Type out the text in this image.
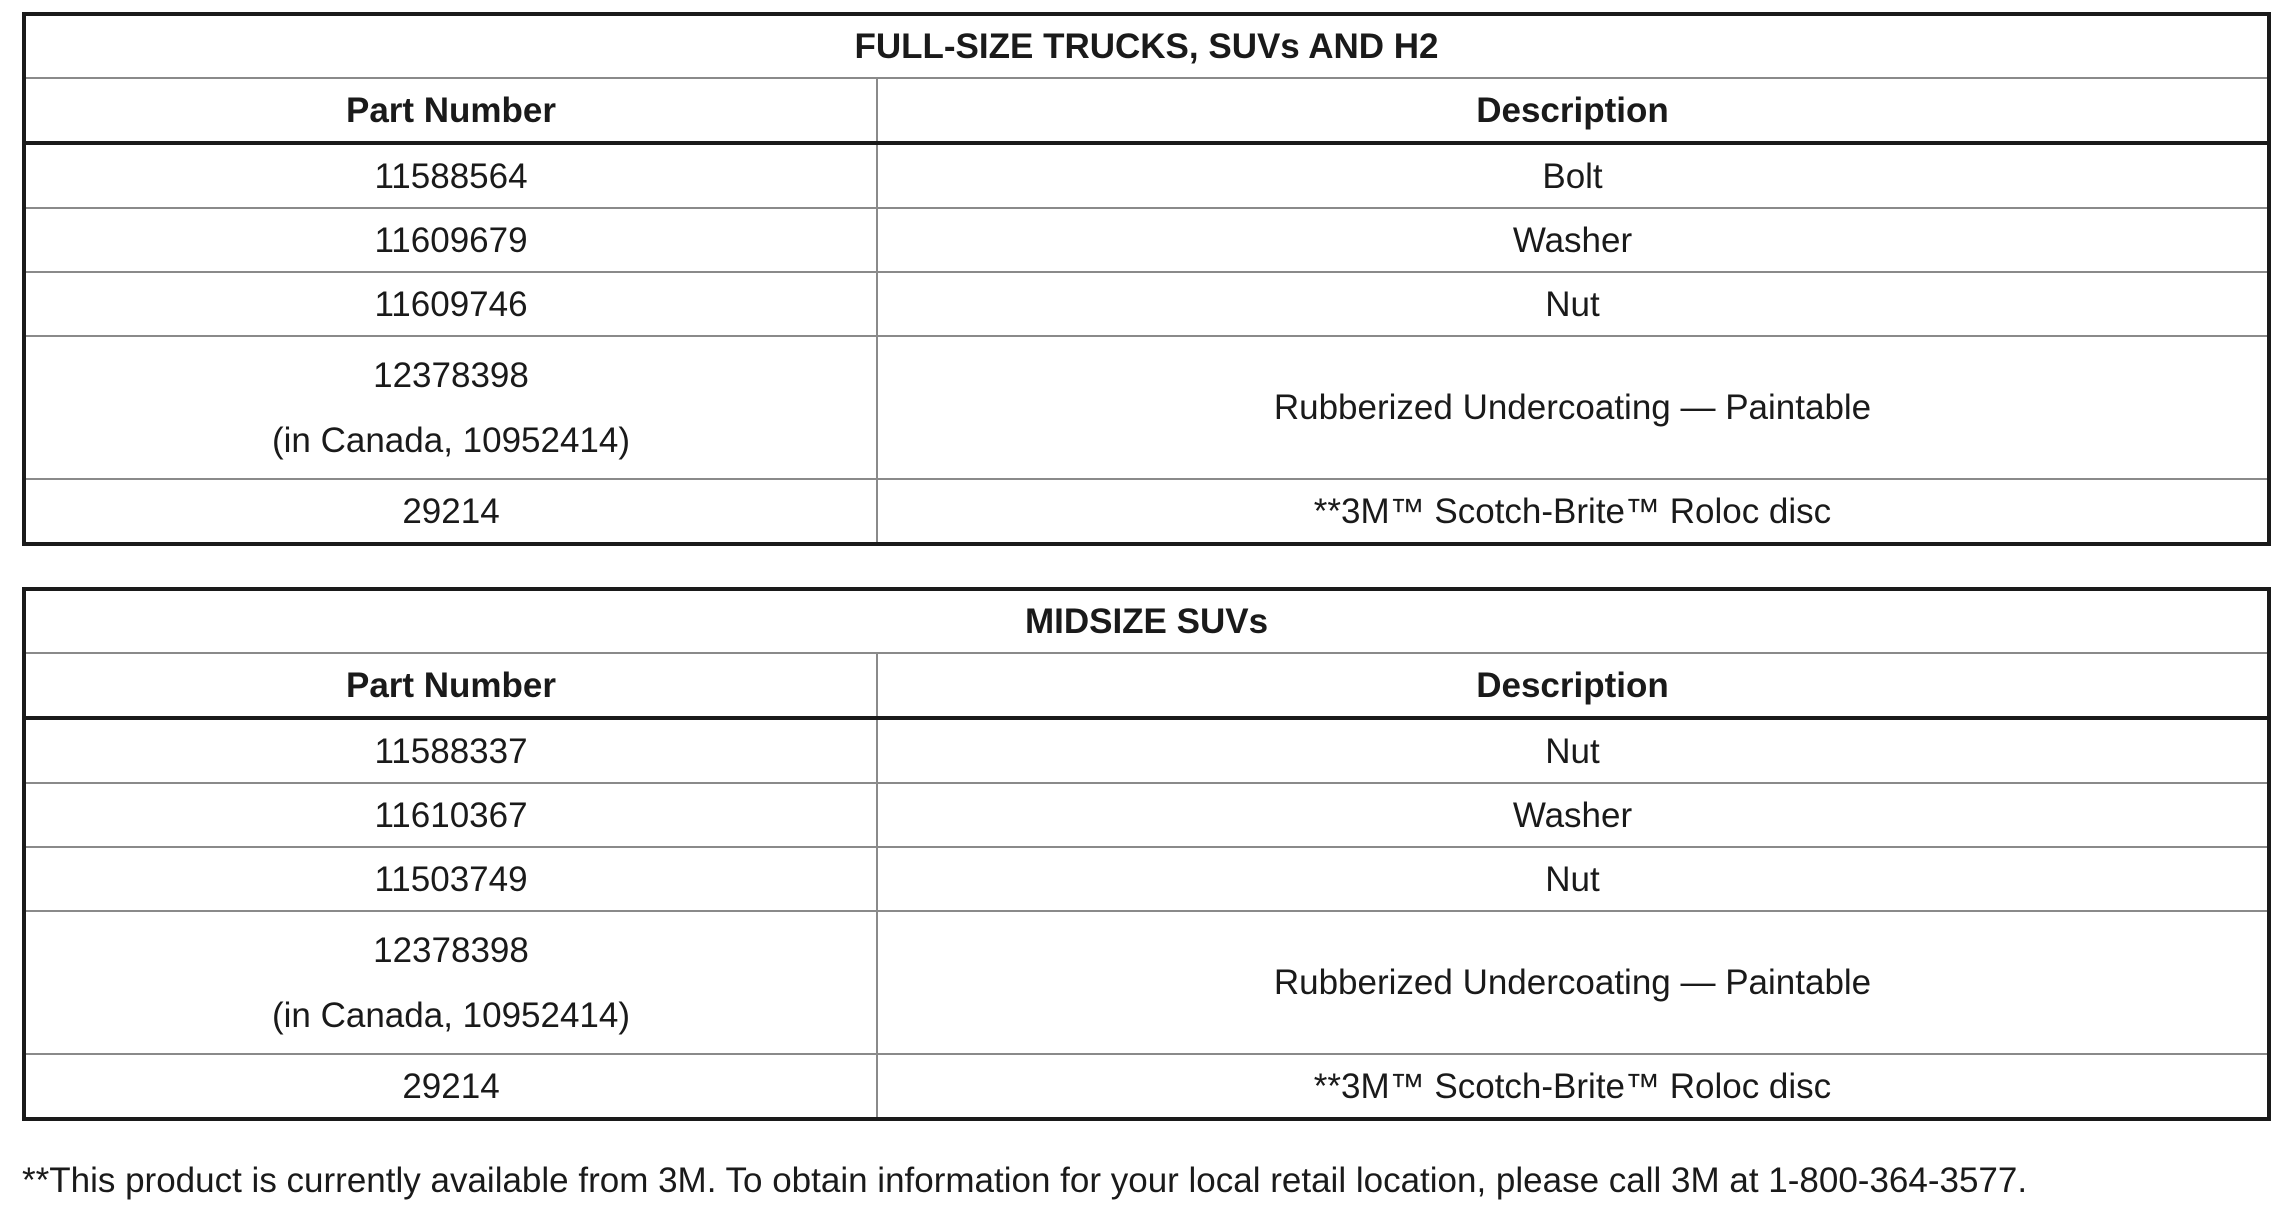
FULL-SIZE TRUCKS, SUVs AND H2	
Part Number	Description
11588564	Bolt
11609679	Washer
11609746	Nut

12378398
(in Canada, 10952414)	Rubberized Undercoating — Paintable
29214	**3M™ Scotch-Brite™ Roloc disc
MIDSIZE SUVs	
Part Number	Description
11588337	Nut
11610367	Washer
11503749	Nut

12378398
(in Canada, 10952414)	Rubberized Undercoating — Paintable
29214	**3M™ Scotch-Brite™ Roloc disc

**This product is currently available from 3M. To obtain information for your local retail location, please call 3M at 1-800-364-3577.
